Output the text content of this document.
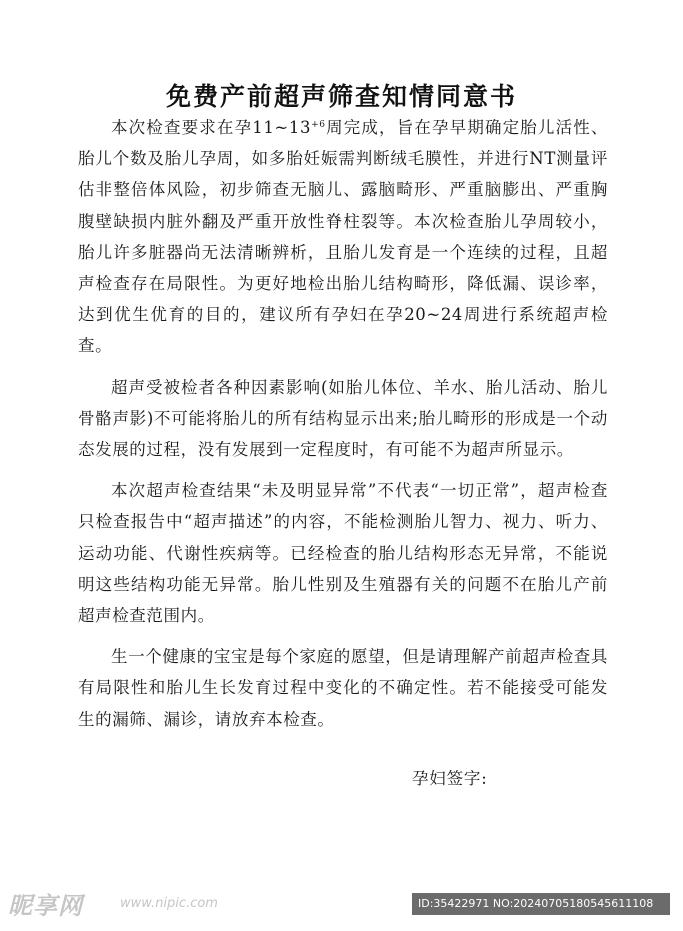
免费产前超声筛查知情同意书

本次检查要求在孕$11\sim 13^{+6}$周完成，旨在孕早期确定胎儿活性、胎儿个数及胎儿孕周，如多胎妊娠需判断绒毛膜性，并进行NT测量评估非整倍体风险，初步筛查无脑儿、露脑畸形、严重脑膨出、严重胸腹壁缺损内脏外翻及严重开放性脊柱裂等。本次检查胎儿孕周较小，胎儿许多脏器尚无法清晰辨析，且胎儿发育是一个连续的过程，且超声检查存在局限性。为更好地检出胎儿结构畸形，降低漏、误诊率，达到优生优育的目的，建议所有孕妇在孕20~24周进行系统超声检查。

超声受被检者各种因素影响(如胎儿体位、羊水、胎儿活动、胎儿骨骼声影)不可能将胎儿的所有结构显示出来;胎儿畸形的形成是一个动态发展的过程，没有发展到一定程度时，有可能不为超声所显示。

本次超声检查结果“未及明显异常”不代表“一切正常”，超声检查只检查报告中“超声描述”的内容，不能检测胎儿智力、视力、听力、运动功能、代谢性疾病等。已经检查的胎儿结构形态无异常，不能说明这些结构功能无异常。胎儿性别及生殖器有关的问题不在胎儿产前超声检查范围内。

生一个健康的宝宝是每个家庭的愿望，但是请理解产前超声检查具有局限性和胎儿生长发育过程中变化的不确定性。若不能接受可能发生的漏筛、漏诊，请放弃本检查。

孕妇签字:
昵享网	www.nipic.com	ID:35422971 NO:20240705180545611108
